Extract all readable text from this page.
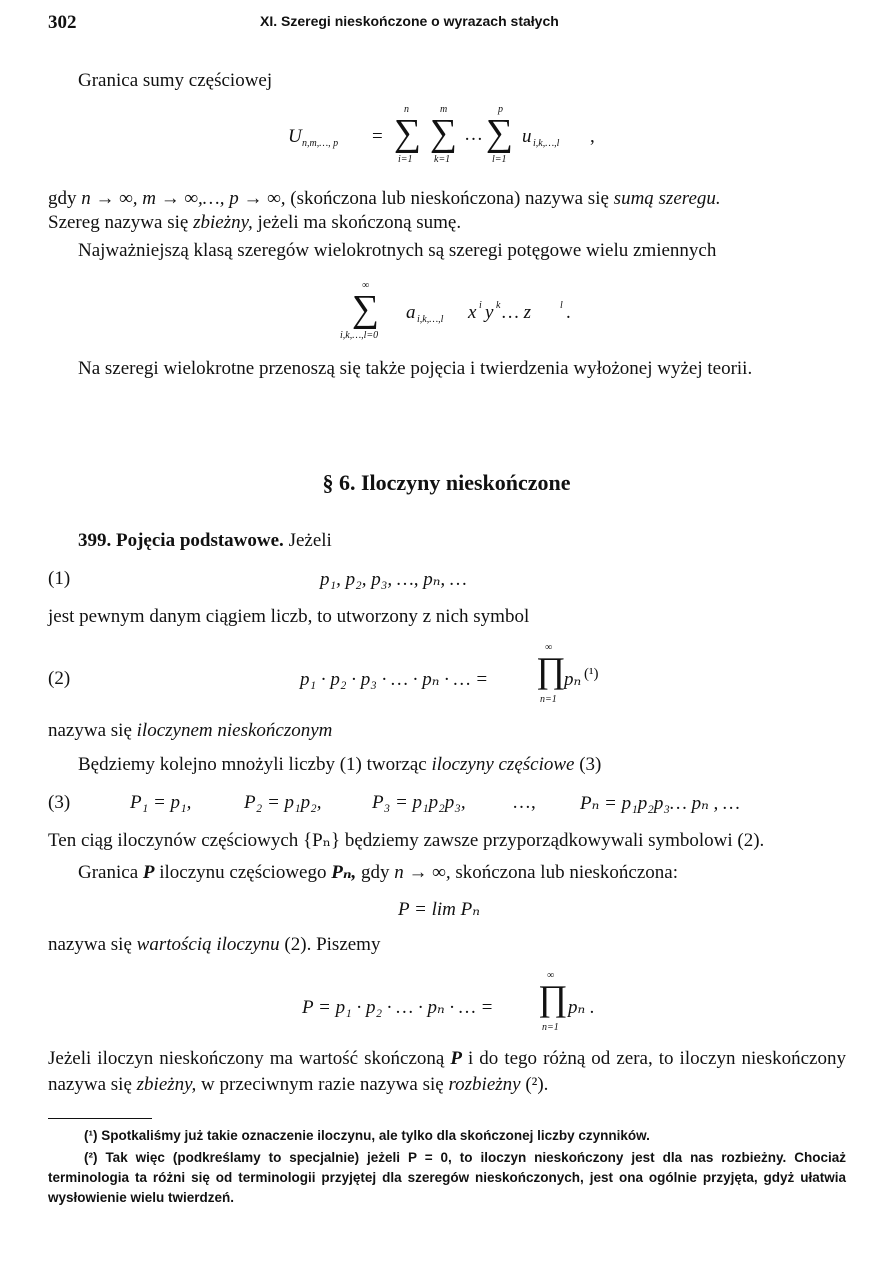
302	XI. Szeregi nieskończone o wyrazach stałych
Granica sumy częściowej
U n,m,…, p =
n
∑
i=1
m
∑
k=1
…
p
∑
l=1
u i,k,…,l ,
gdy n → ∞, m → ∞,…, p → ∞, (skończona lub nieskończona) nazywa się sumą szeregu.
Szereg nazywa się zbieżny, jeżeli ma skończoną sumę.
Najważniejszą klasą szeregów wielokrotnych są szeregi potęgowe wielu zmiennych
∞
∑
i,k,…,l=0
a i,k,…,l x i y k … z	l .
Na szeregi wielokrotne przenoszą się także pojęcia i twierdzenia wyłożonej wyżej teorii.
§ 6. Iloczyny nieskończone
399. Pojęcia podstawowe. Jeżeli
(1)	p₁, p₂, p₃, …, pₙ, …
jest pewnym danym ciągiem liczb, to utworzony z nich symbol
(2)	p₁ · p₂ · p₃ · … · pₙ · … =
∞
∏
n=1
pₙ (¹)
nazywa się iloczynem nieskończonym
Będziemy kolejno mnożyli liczby (1) tworząc iloczyny częściowe (3)
(3)	P₁ = p₁,	P₂ = p₁p₂,	P₃ = p₁p₂p₃, …, Pₙ = p₁p₂p₃… pₙ , …
Ten ciąg iloczynów częściowych {Pₙ} będziemy zawsze przyporządkowywali symbolowi (2).
Granica P iloczynu częściowego Pₙ, gdy n → ∞, skończona lub nieskończona:
P = lim Pₙ
nazywa się wartością iloczynu (2). Piszemy
P = p₁ · p₂ · … · pₙ · … =
∞
∏
n=1
pₙ .
Jeżeli iloczyn nieskończony ma wartość skończoną P i do tego różną od zera, to iloczyn nieskończony nazywa się zbieżny, w przeciwnym razie nazywa się rozbieżny (²).
(¹) Spotkaliśmy już takie oznaczenie iloczynu, ale tylko dla skończonej liczby czynników.
(²) Tak więc (podkreślamy to specjalnie) jeżeli P = 0, to iloczyn nieskończony jest dla nas rozbieżny. Chociaż terminologia ta różni się od terminologii przyjętej dla szeregów nieskończonych, jest ona ogólnie przyjęta, gdyż ułatwia wysłowienie wielu twierdzeń.
